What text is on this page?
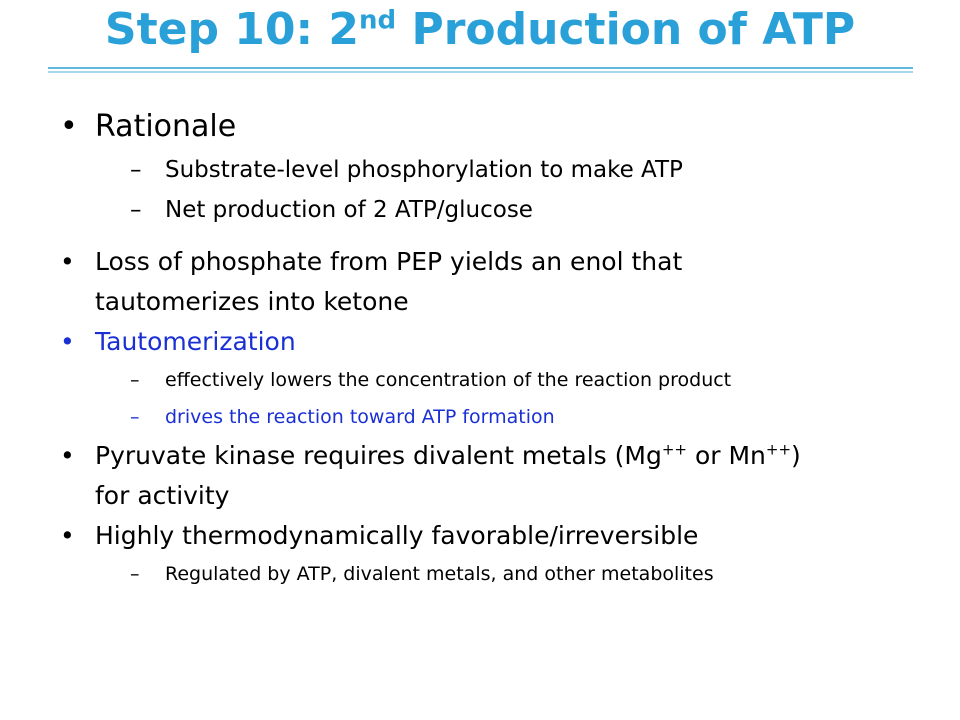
Step 10: 2nd Production of ATP
• Rationale
– Substrate-level phosphorylation to make ATP
– Net production of 2 ATP/glucose
• Loss of phosphate from PEP yields an enol that
tautomerizes into ketone
• Tautomerization
– effectively lowers the concentration of the reaction product
– drives the reaction toward ATP formation
• Pyruvate kinase requires divalent metals (Mg++ or Mn++)
for activity
• Highly thermodynamically favorable/irreversible
– Regulated by ATP, divalent metals, and other metabolites
